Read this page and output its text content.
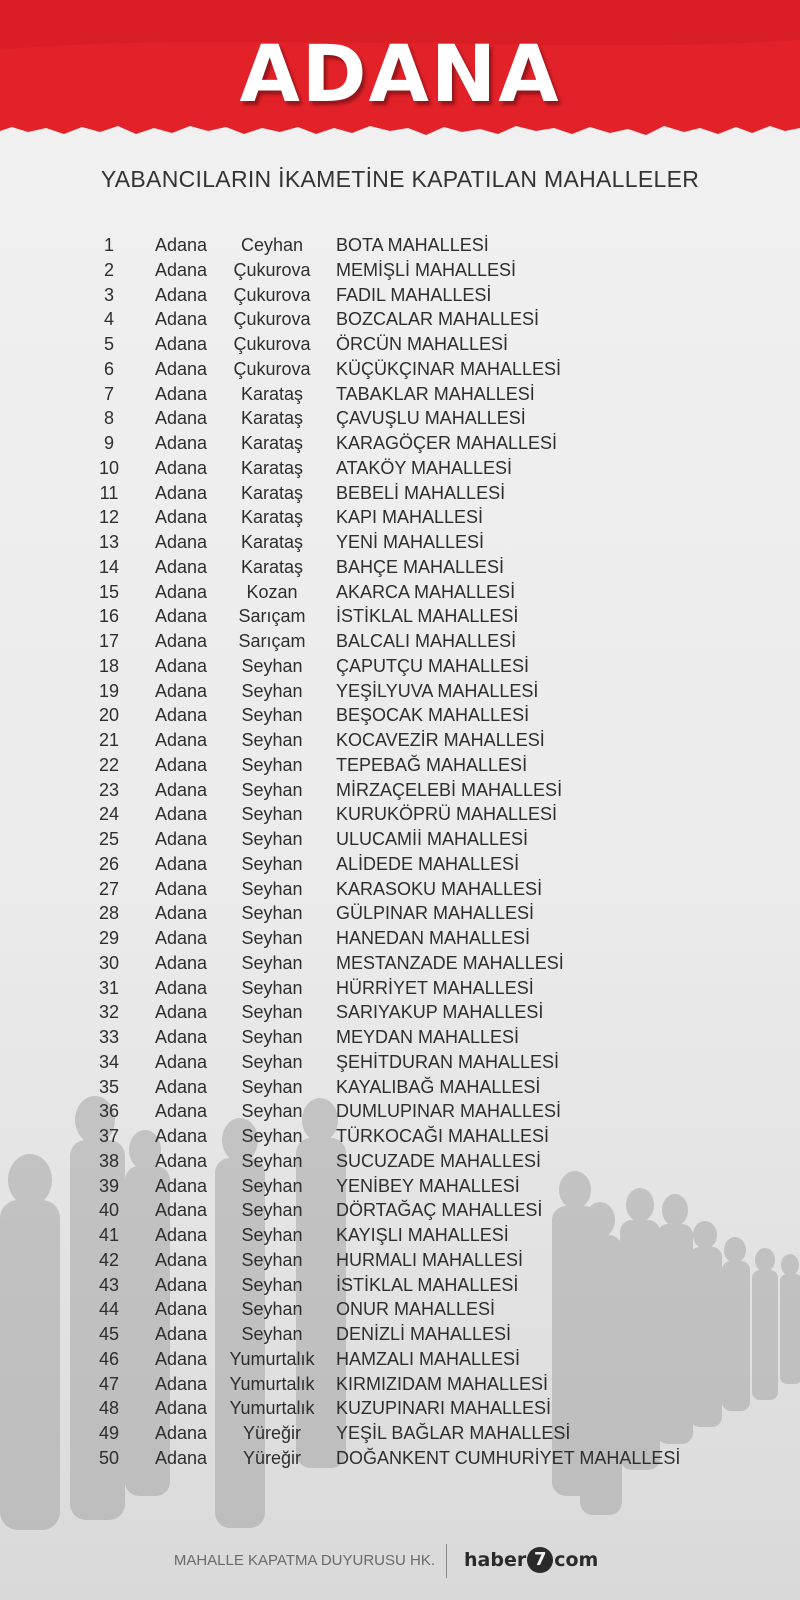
ADANA
YABANCILARIN İKAMETİNE KAPATILAN MAHALLELER
1	Adana	Ceyhan	BOTA MAHALLESİ
2	Adana	Çukurova	MEMİŞLİ MAHALLESİ
3	Adana	Çukurova	FADIL MAHALLESİ
4	Adana	Çukurova	BOZCALAR MAHALLESİ
5	Adana	Çukurova	ÖRCÜN MAHALLESİ
6	Adana	Çukurova	KÜÇÜKÇINAR MAHALLESİ
7	Adana	Karataş	TABAKLAR MAHALLESİ
8	Adana	Karataş	ÇAVUŞLU MAHALLESİ
9	Adana	Karataş	KARAGÖÇER MAHALLESİ
10	Adana	Karataş	ATAKÖY MAHALLESİ
11	Adana	Karataş	BEBELİ MAHALLESİ
12	Adana	Karataş	KAPI MAHALLESİ
13	Adana	Karataş	YENİ MAHALLESİ
14	Adana	Karataş	BAHÇE MAHALLESİ
15	Adana	Kozan	AKARCA MAHALLESİ
16	Adana	Sarıçam	İSTİKLAL MAHALLESİ
17	Adana	Sarıçam	BALCALI MAHALLESİ
18	Adana	Seyhan	ÇAPUTÇU MAHALLESİ
19	Adana	Seyhan	YEŞİLYUVA MAHALLESİ
20	Adana	Seyhan	BEŞOCAK MAHALLESİ
21	Adana	Seyhan	KOCAVEZİR MAHALLESİ
22	Adana	Seyhan	TEPEBAĞ MAHALLESİ
23	Adana	Seyhan	MİRZAÇELEBİ MAHALLESİ
24	Adana	Seyhan	KURUKÖPRÜ MAHALLESİ
25	Adana	Seyhan	ULUCAMİİ MAHALLESİ
26	Adana	Seyhan	ALİDEDE MAHALLESİ
27	Adana	Seyhan	KARASOKU MAHALLESİ
28	Adana	Seyhan	GÜLPINAR MAHALLESİ
29	Adana	Seyhan	HANEDAN MAHALLESİ
30	Adana	Seyhan	MESTANZADE MAHALLESİ
31	Adana	Seyhan	HÜRRİYET MAHALLESİ
32	Adana	Seyhan	SARIYAKUP MAHALLESİ
33	Adana	Seyhan	MEYDAN MAHALLESİ
34	Adana	Seyhan	ŞEHİTDURAN MAHALLESİ
35	Adana	Seyhan	KAYALIBAĞ MAHALLESİ
36	Adana	Seyhan	DUMLUPINAR MAHALLESİ
37	Adana	Seyhan	TÜRKOCAĞI MAHALLESİ
38	Adana	Seyhan	SUCUZADE MAHALLESİ
39	Adana	Seyhan	YENİBEY MAHALLESİ
40	Adana	Seyhan	DÖRTAĞAÇ MAHALLESİ
41	Adana	Seyhan	KAYIŞLI MAHALLESİ
42	Adana	Seyhan	HURMALI MAHALLESİ
43	Adana	Seyhan	İSTİKLAL MAHALLESİ
44	Adana	Seyhan	ONUR MAHALLESİ
45	Adana	Seyhan	DENİZLİ MAHALLESİ
46	Adana	Yumurtalık	HAMZALI MAHALLESİ
47	Adana	Yumurtalık	KIRMIZIDAM MAHALLESİ
48	Adana	Yumurtalık	KUZUPINARI MAHALLESİ
49	Adana	Yüreğir	YEŞİL BAĞLAR MAHALLESİ
50	Adana	Yüreğir	DOĞANKENT CUMHURİYET MAHALLESİ
MAHALLE KAPATMA DUYURUSU HK. haber 7 com
